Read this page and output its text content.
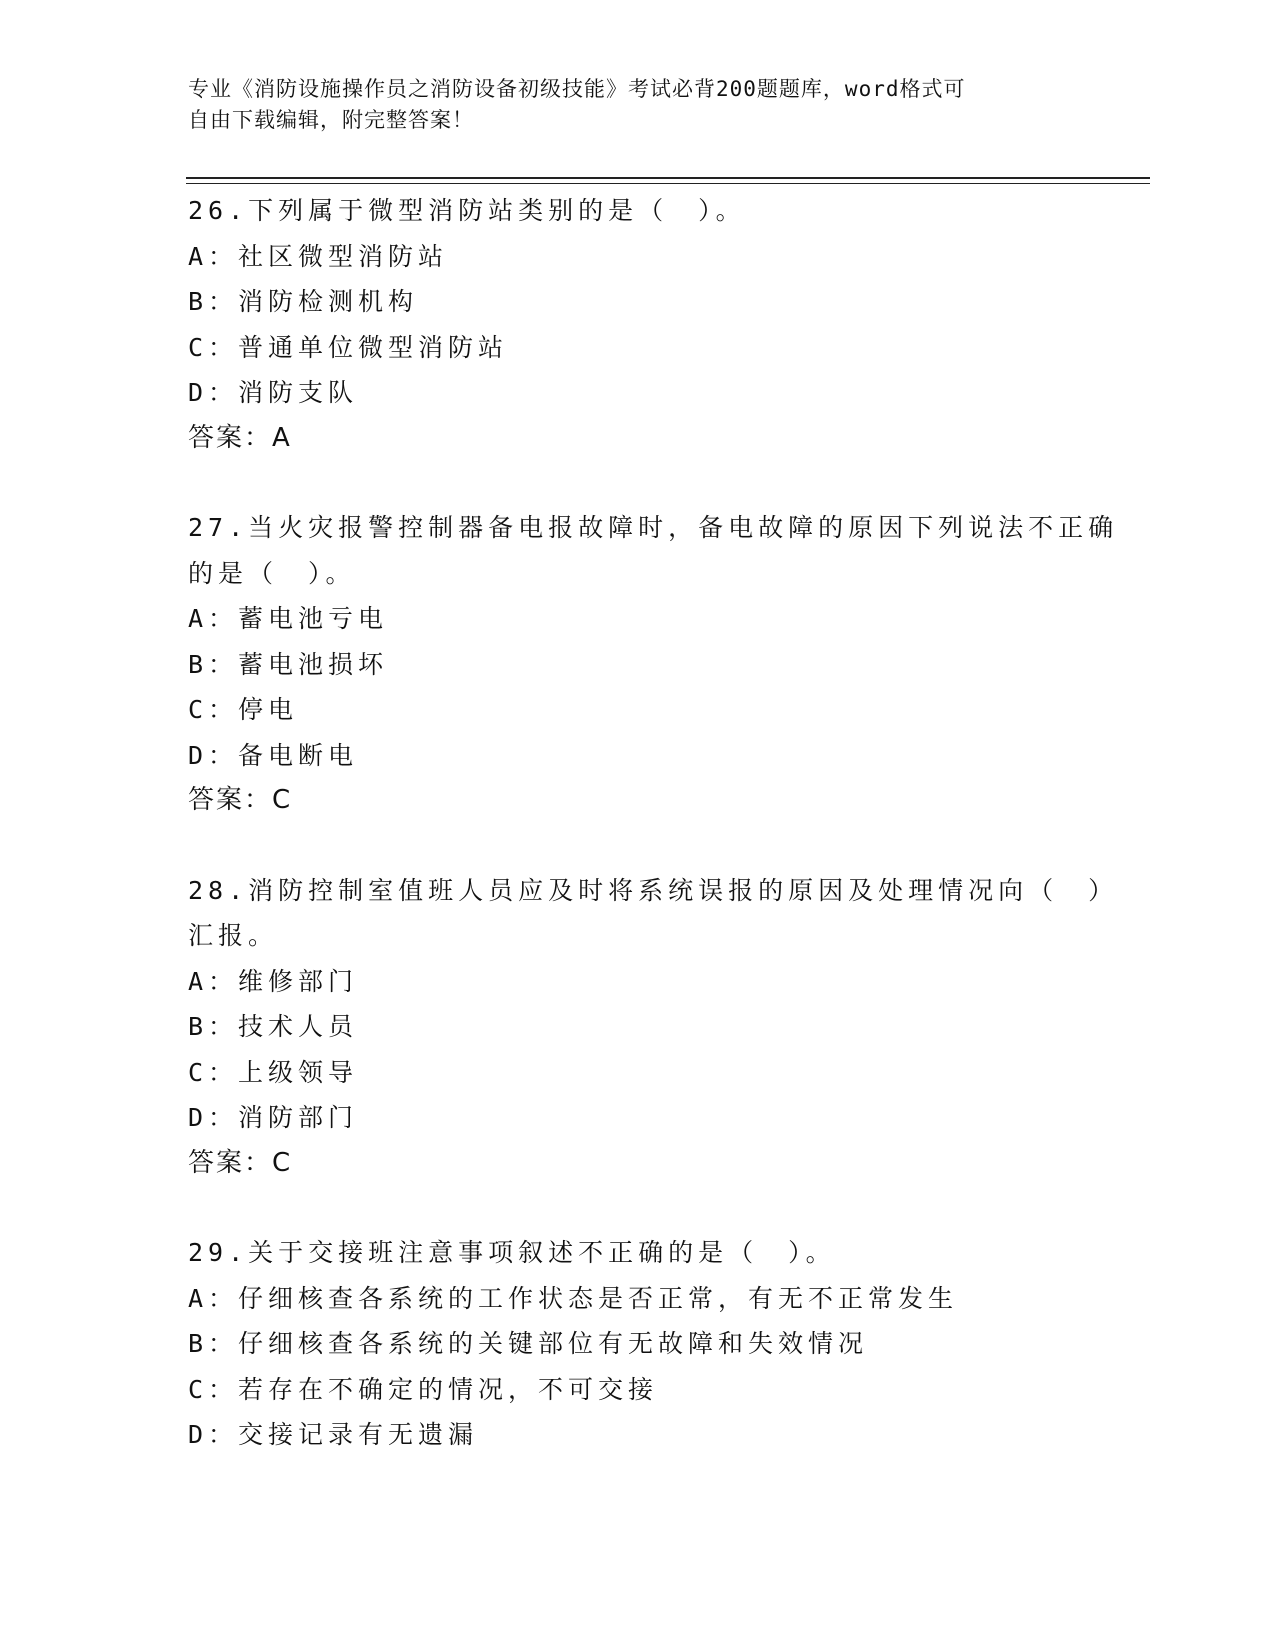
专业《消防设施操作员之消防设备初级技能》考试必背200题题库，word格式可
自由下载编辑，附完整答案！
26.下列属于微型消防站类别的是（　）。
A：社区微型消防站
B：消防检测机构
C：普通单位微型消防站
D：消防支队
答案：A
27.当火灾报警控制器备电报故障时，备电故障的原因下列说法不正确
的是（　）。
A：蓄电池亏电
B：蓄电池损坏
C：停电
D：备电断电
答案：C
28.消防控制室值班人员应及时将系统误报的原因及处理情况向（　）
汇报。
A：维修部门
B：技术人员
C：上级领导
D：消防部门
答案：C
29.关于交接班注意事项叙述不正确的是（　）。
A：仔细核查各系统的工作状态是否正常，有无不正常发生
B：仔细核查各系统的关键部位有无故障和失效情况
C：若存在不确定的情况，不可交接
D：交接记录有无遗漏
